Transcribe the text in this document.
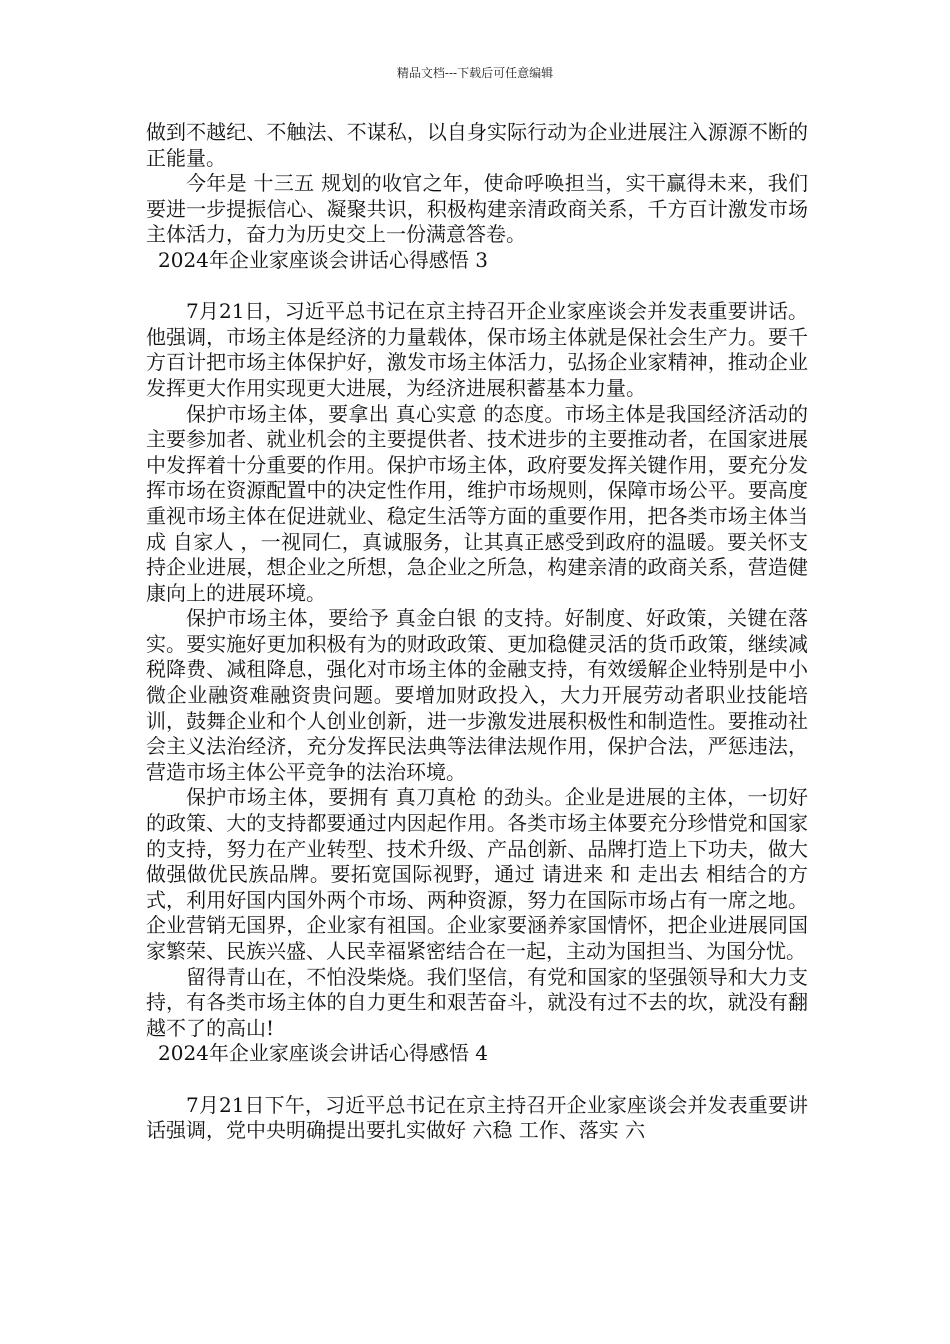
精品文档---下载后可任意编辑

做到不越纪、不触法、不谋私，以自身实际行动为企业进展注入源源不断的正能量。

今年是 十三五 规划的收官之年，使命呼唤担当，实干赢得未来，我们要进一步提振信心、凝聚共识，积极构建亲清政商关系，千方百计激发市场主体活力，奋力为历史交上一份满意答卷。

2024年企业家座谈会讲话心得感悟 3

7月21日，习近平总书记在京主持召开企业家座谈会并发表重要讲话。他强调，市场主体是经济的力量载体，保市场主体就是保社会生产力。要千方百计把市场主体保护好，激发市场主体活力，弘扬企业家精神，推动企业发挥更大作用实现更大进展，为经济进展积蓄基本力量。

保护市场主体，要拿出 真心实意 的态度。市场主体是我国经济活动的主要参加者、就业机会的主要提供者、技术进步的主要推动者，在国家进展中发挥着十分重要的作用。保护市场主体，政府要发挥关键作用，要充分发挥市场在资源配置中的决定性作用，维护市场规则，保障市场公平。要高度重视市场主体在促进就业、稳定生活等方面的重要作用，把各类市场主体当成 自家人 ，一视同仁，真诚服务，让其真正感受到政府的温暖。要关怀支持企业进展，想企业之所想，急企业之所急，构建亲清的政商关系，营造健康向上的进展环境。

保护市场主体，要给予 真金白银 的支持。好制度、好政策，关键在落实。要实施好更加积极有为的财政政策、更加稳健灵活的货币政策，继续减税降费、减租降息，强化对市场主体的金融支持，有效缓解企业特别是中小微企业融资难融资贵问题。要增加财政投入，大力开展劳动者职业技能培训，鼓舞企业和个人创业创新，进一步激发进展积极性和制造性。要推动社会主义法治经济，充分发挥民法典等法律法规作用，保护合法，严惩违法，营造市场主体公平竞争的法治环境。

保护市场主体，要拥有 真刀真枪 的劲头。企业是进展的主体，一切好的政策、大的支持都要通过内因起作用。各类市场主体要充分珍惜党和国家的支持，努力在产业转型、技术升级、产品创新、品牌打造上下功夫，做大做强做优民族品牌。要拓宽国际视野，通过 请进来 和 走出去 相结合的方式，利用好国内国外两个市场、两种资源，努力在国际市场占有一席之地。企业营销无国界，企业家有祖国。企业家要涵养家国情怀，把企业进展同国家繁荣、民族兴盛、人民幸福紧密结合在一起，主动为国担当、为国分忧。

留得青山在，不怕没柴烧。我们坚信，有党和国家的坚强领导和大力支持，有各类市场主体的自力更生和艰苦奋斗，就没有过不去的坎，就没有翻越不了的高山!

2024年企业家座谈会讲话心得感悟 4

7月21日下午，习近平总书记在京主持召开企业家座谈会并发表重要讲话强调，党中央明确提出要扎实做好 六稳 工作、落实 六
